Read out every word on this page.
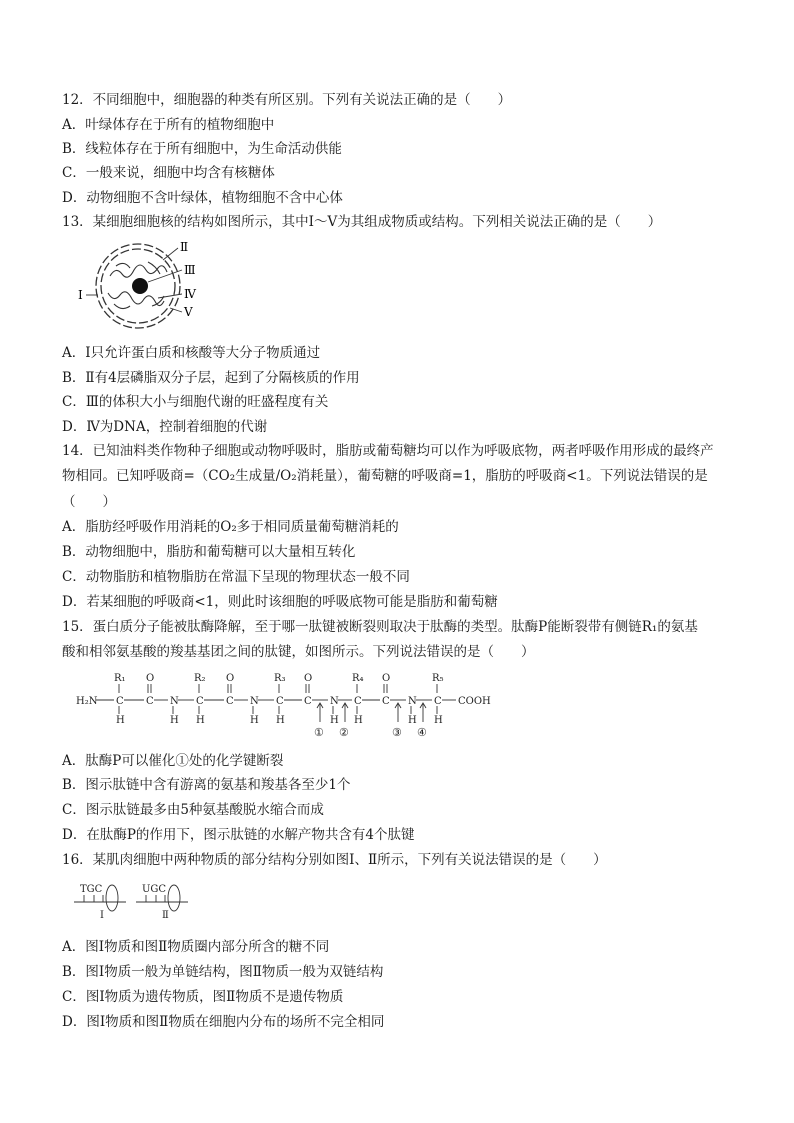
12．不同细胞中，细胞器的种类有所区别。下列有关说法正确的是（　　）
A．叶绿体存在于所有的植物细胞中
B．线粒体存在于所有细胞中，为生命活动供能
C．一般来说，细胞中均含有核糖体
D．动物细胞不含叶绿体，植物细胞不含中心体
13．某细胞细胞核的结构如图所示，其中Ⅰ～Ⅴ为其组成物质或结构。下列相关说法正确的是（　　）
Ⅰ
Ⅱ
Ⅲ
Ⅳ
Ⅴ
A．Ⅰ只允许蛋白质和核酸等大分子物质通过
B．Ⅱ有4层磷脂双分子层，起到了分隔核质的作用
C．Ⅲ的体积大小与细胞代谢的旺盛程度有关
D．Ⅳ为DNA，控制着细胞的代谢
14．已知油料类作物种子细胞或动物呼吸时，脂肪或葡萄糖均可以作为呼吸底物，两者呼吸作用形成的最终产
物相同。已知呼吸商=（CO₂生成量/O₂消耗量），葡萄糖的呼吸商=1，脂肪的呼吸商<1。下列说法错误的是
（　　）
A．脂肪经呼吸作用消耗的O₂多于相同质量葡萄糖消耗的
B．动物细胞中，脂肪和葡萄糖可以大量相互转化
C．动物脂肪和植物脂肪在常温下呈现的物理状态一般不同
D．若某细胞的呼吸商<1，则此时该细胞的呼吸底物可能是脂肪和葡萄糖
15．蛋白质分子能被肽酶降解，至于哪一肽键被断裂则取决于肽酶的类型。肽酶P能断裂带有侧链R₁的氨基
酸和相邻氨基酸的羧基基团之间的肽键，如图所示。下列说法错误的是（　　）
H₂N	COOH
R₁	R₂	R₃	R₄	R₅
C
H
C
O
N
H
C
H
C
O
N
H
C
H
C
O
N
H
C
H
C
O
N
H
C
H
① ②	③ ④
A．肽酶P可以催化①处的化学键断裂
B．图示肽链中含有游离的氨基和羧基各至少1个
C．图示肽链最多由5种氨基酸脱水缩合而成
D．在肽酶P的作用下，图示肽链的水解产物共含有4个肽键
16．某肌肉细胞中两种物质的部分结构分别如图Ⅰ、Ⅱ所示，下列有关说法错误的是（　　）
TGC
Ⅰ
UGC
Ⅱ
A．图Ⅰ物质和图Ⅱ物质圈内部分所含的糖不同
B．图Ⅰ物质一般为单链结构，图Ⅱ物质一般为双链结构
C．图Ⅰ物质为遗传物质，图Ⅱ物质不是遗传物质
D．图Ⅰ物质和图Ⅱ物质在细胞内分布的场所不完全相同
